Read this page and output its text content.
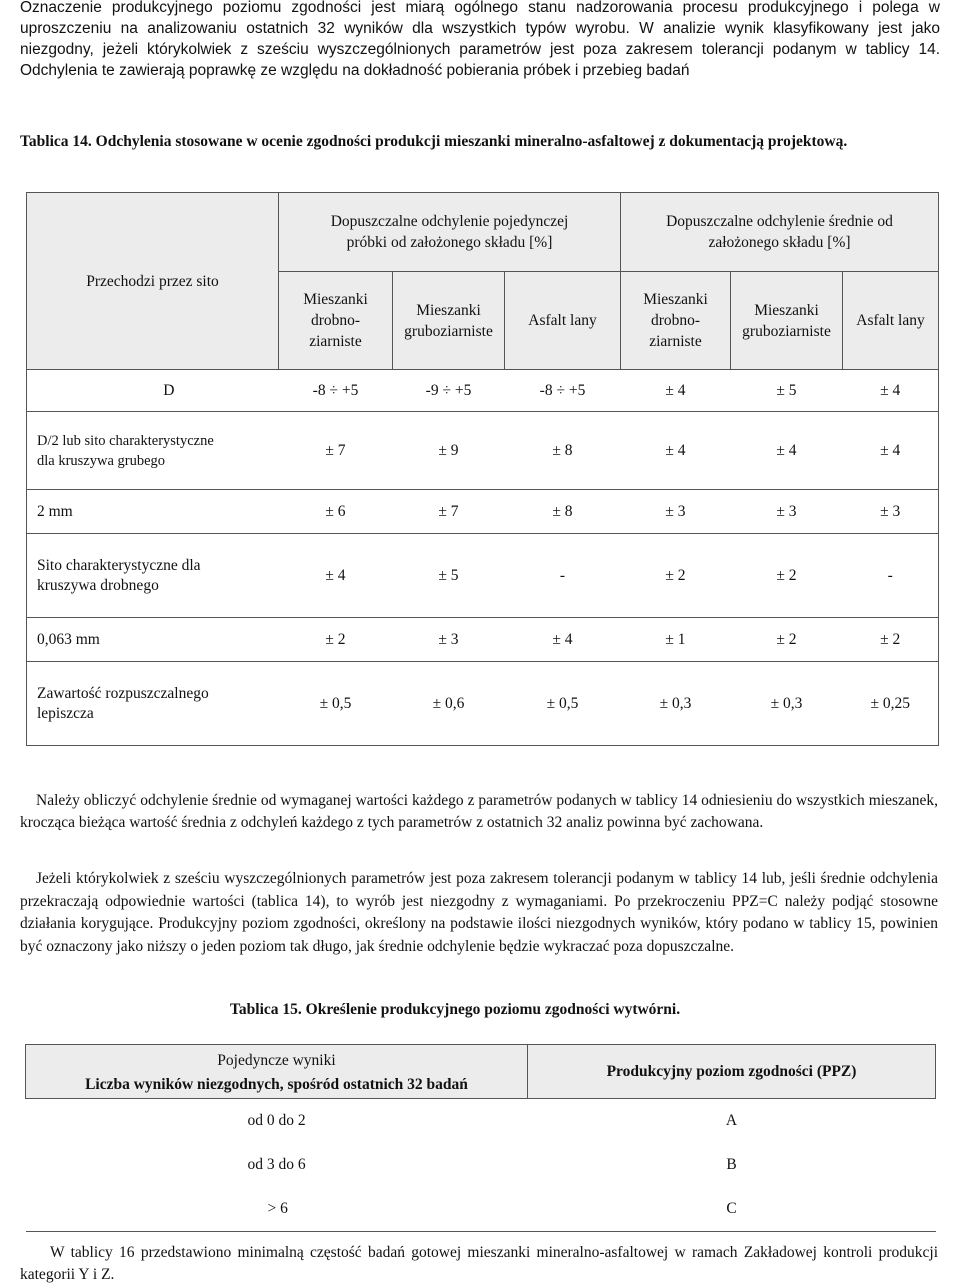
Oznaczenie produkcyjnego poziomu zgodności jest miarą ogólnego stanu nadzorowania procesu produkcyjnego i polega w uproszczeniu na analizowaniu ostatnich 32 wyników dla wszystkich typów wyrobu. W analizie wynik klasyfikowany jest jako niezgodny, jeżeli którykolwiek z sześciu wyszczególnionych parametrów jest poza zakresem tolerancji podanym w tablicy 14. Odchylenia te zawierają poprawkę ze względu na dokładność pobierania próbek i przebieg badań

Tablica 14. Odchylenia stosowane w ocenie zgodności produkcji mieszanki mineralno-asfaltowej z dokumentacją projektową.
Przechodzi przez sito	Dopuszczalne odchylenie pojedynczej próbki od założonego składu [%]			Dopuszczalne odchylenie średnie od założonego składu [%]		
	Mieszanki drobno-ziarniste	Mieszanki gruboziarniste	Asfalt lany	Mieszanki drobno-ziarniste	Mieszanki gruboziarniste	Asfalt lany
D	-8 ÷ +5	-9 ÷ +5	-8 ÷ +5	± 4	± 5	± 4
D/2 lub sito charakterystyczne dla kruszywa grubego	± 7	± 9	± 8	± 4	± 4	± 4
2 mm	± 6	± 7	± 8	± 3	± 3	± 3
Sito charakterystyczne dla kruszywa drobnego	± 4	± 5	-	± 2	± 2	-
0,063 mm	± 2	± 3	± 4	± 1	± 2	± 2
Zawartość rozpuszczalnego lepiszcza	± 0,5	± 0,6	± 0,5	± 0,3	± 0,3	± 0,25

Należy obliczyć odchylenie średnie od wymaganej wartości każdego z parametrów podanych w tablicy 14 odniesieniu do wszystkich mieszanek, krocząca bieżąca wartość średnia z odchyleń każdego z tych parametrów z ostatnich 32 analiz powinna być zachowana.

Jeżeli którykolwiek z sześciu wyszczególnionych parametrów jest poza zakresem tolerancji podanym w tablicy 14 lub, jeśli średnie odchylenia przekraczają odpowiednie wartości (tablica 14), to wyrób jest niezgodny z wymaganiami. Po przekroczeniu PPZ=C należy podjąć stosowne działania korygujące. Produkcyjny poziom zgodności, określony na podstawie ilości niezgodnych wyników, który podano w tablicy 15, powinien być oznaczony jako niższy o jeden poziom tak długo, jak średnie odchylenie będzie wykraczać poza dopuszczalne.

Tablica 15. Określenie produkcyjnego poziomu zgodności wytwórni.
Pojedyncze wyniki
Liczba wyników niezgodnych, spośród ostatnich 32 badań	Produkcyjny poziom zgodności (PPZ)
od 0 do 2	A
od 3 do 6	B
> 6	C

W tablicy 16 przedstawiono minimalną częstość badań gotowej mieszanki mineralno-asfaltowej w ramach Zakładowej kontroli produkcji kategorii Y i Z.
